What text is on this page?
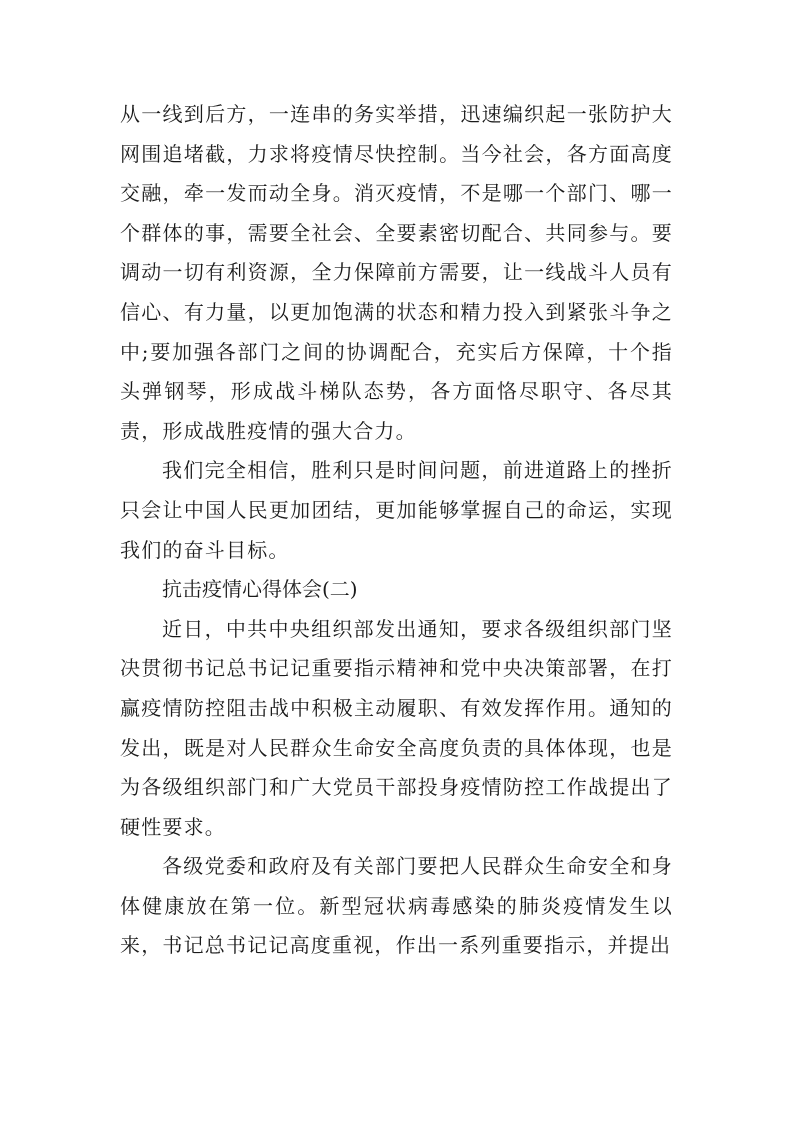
从一线到后方，一连串的务实举措，迅速编织起一张防护大网围追堵截，力求将疫情尽快控制。当今社会，各方面高度交融，牵一发而动全身。消灭疫情，不是哪一个部门、哪一个群体的事，需要全社会、全要素密切配合、共同参与。要调动一切有利资源，全力保障前方需要，让一线战斗人员有信心、有力量，以更加饱满的状态和精力投入到紧张斗争之中;要加强各部门之间的协调配合，充实后方保障，十个指头弹钢琴，形成战斗梯队态势，各方面恪尽职守、各尽其责，形成战胜疫情的强大合力。

我们完全相信，胜利只是时间问题，前进道路上的挫折只会让中国人民更加团结，更加能够掌握自己的命运，实现我们的奋斗目标。

抗击疫情心得体会(二)

近日，中共中央组织部发出通知，要求各级组织部门坚决贯彻书记总书记记重要指示精神和党中央决策部署，在打赢疫情防控阻击战中积极主动履职、有效发挥作用。通知的发出，既是对人民群众生命安全高度负责的具体体现，也是为各级组织部门和广大党员干部投身疫情防控工作战提出了硬性要求。

各级党委和政府及有关部门要把人民群众生命安全和身体健康放在第一位。新型冠状病毒感染的肺炎疫情发生以来，书记总书记记高度重视，作出一系列重要指示，并提出
